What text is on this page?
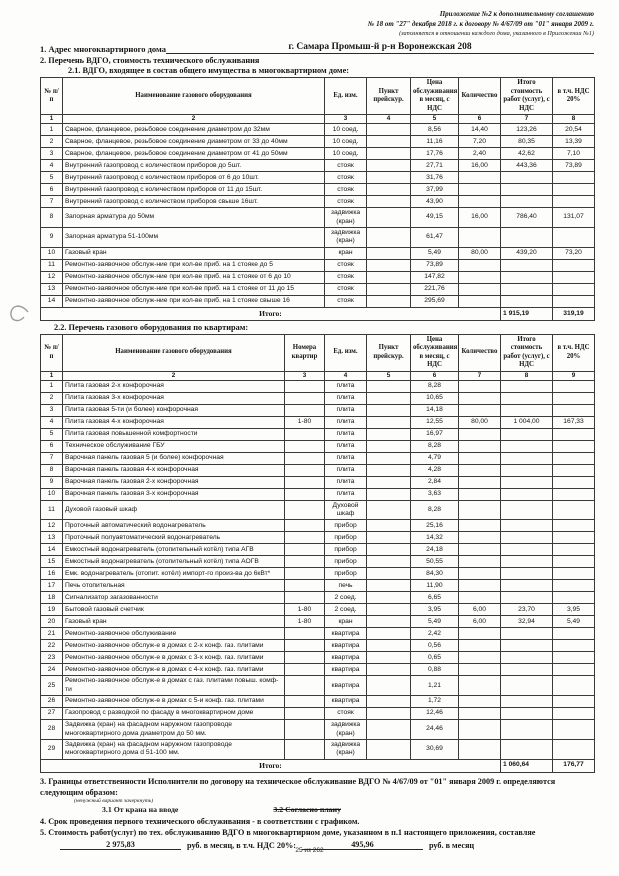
Приложение №2 к дополнительному соглашению
№ 18 от "27" декабря 2018 г. к договору № 4/67/09 от "01" января 2009 г.
(заполняется в отношении каждого дома, указанного в Приложении №1)
1. Адрес многоквартирного дома	г. Самара Промыш-й р-н Воронежская 208
2. Перечень ВДГО, стоимость технического обслуживания
2.1. ВДГО, входящее в состав общего имущества в многоквартирном доме:
№ п/п	Наименование газового оборудования	Ед. изм.	Пункт прейскур.	Цена обслуживания в месяц, с НДС	Количество	Итого стоимость работ (услуг), с НДС	в т.ч. НДС 20%
1	2	3	4	5	6	7	8
1	Сварное, фланцевое, резьбовое соединение диаметром до 32мм	10 соед.		8,56	14,40	123,26	20,54
2	Сварное, фланцевое, резьбовое соединение диаметром от 33 до 40мм	10 соед.		11,16	7,20	80,35	13,39
3	Сварное, фланцевое, резьбовое соединение диаметром от 41 до 50мм	10 соед.		17,76	2,40	42,62	7,10
4	Внутренний газопровод с количеством приборов до 5шт.	стояк		27,71	16,00	443,36	73,89
5	Внутренний газопровод с количеством приборов от 6 до 10шт.	стояк		31,76			
6	Внутренний газопровод с количеством приборов от 11 до 15шт.	стояк		37,99			
7	Внутренний газопровод с количеством приборов свыше 16шт.	стояк		43,90			
8	Запорная арматура до 50мм	задвижка (кран)		49,15	16,00	786,40	131,07
9	Запорная арматура 51-100мм	задвижка (кран)		61,47			
10	Газовый кран	кран		5,49	80,00	439,20	73,20
11	Ремонтно-заявочное обслуж-ние при кол-ве приб. на 1 стояке до 5	стояк		73,89			
12	Ремонтно-заявочное обслуж-ние при кол-ве приб. на 1 стояке от 6 до 10	стояк		147,82			
13	Ремонтно-заявочное обслуж-ние при кол-ве приб. на 1 стояке от 11 до 15	стояк		221,76			
14	Ремонтно-заявочное обслуж-ние при кол-ве приб. на 1 стояке свыше 16	стояк		295,69			
Итого:						1 915,19	319,19
2.2. Перечень газового оборудования по квартирам:
№ п/п	Наименование газового оборудования	Номера квартир	Ед. изм.	Пункт прейскур.	Цена обслуживания в месяц, с НДС	Количество	Итого стоимость работ (услуг), с НДС	в т.ч. НДС 20%
1	2	3	4	5	6	7	8	9
1	Плита газовая 2-х конфорочная		плита		8,28			
2	Плита газовая 3-х конфорочная		плита		10,65			
3	Плита газовая 5-ти (и более) конфорочная		плита		14,18			
4	Плита газовая 4-х конфорочная	1-80	плита		12,55	80,00	1 004,00	167,33
5	Плита газовая повышенной комфортности		плита		16,97			
6	Техническое обслуживание ГБУ		плита		8,28			
7	Варочная панель газовая 5 (и более) конфорочная		плита		4,79			
8	Варочная панель газовая 4-х конфорочная		плита		4,28			
9	Варочная панель газовая 2-х конфорочная		плита		2,84			
10	Варочная панель газовая 3-х конфорочная		плита		3,63			
11	Духовой газовый шкаф		Духовой шкаф		8,28			
12	Проточный автоматический водонагреватель		прибор		25,16			
13	Проточный полуавтоматический водонагреватель		прибор		14,32			
14	Емкостный водонагреватель (отопительный котёл) типа АГВ		прибор		24,18			
15	Емкостный водонагреватель (отопительный котёл) типа АОГВ		прибор		50,55			
16	Емк. водонагреватель (отопит. котёл) импорт-го произ-ва до 6кВт*		прибор		84,30			
17	Печь отопительная		печь		11,90			
18	Сигнализатор загазованности		2 соед.		6,65			
19	Бытовой газовый счетчик	1-80	2 соед.		3,95	6,00	23,70	3,95
20	Газовый кран	1-80	кран		5,49	6,00	32,94	5,49
21	Ремонтно-заявочное обслуживание		квартира		2,42			
22	Ремонтно-заявочное обслуж-е в домах с 2-х конф. газ. плитами		квартира		0,56			
23	Ремонтно-заявочное обслуж-е в домах с 3-х конф. газ. плитами		квартира		0,65			
24	Ремонтно-заявочное обслуж-е в домах с 4-х конф. газ. плитами		квартира		0,88			
25	Ремонтно-заявочное обслуж-е в домах с газ. плитами повыш. комф-ти		квартира		1,21			
26	Ремонтно-заявочное обслуж-е в домах с 5-и конф. газ. плитами		квартира		1,72			
27	Газопровод с разводкой по фасаду в многоквартирном доме		стояк		12,46			
28	Задвижка (кран) на фасадном наружном газопроводе многоквартирного дома диаметром до 50 мм.		задвижка (кран)		24,46			
29	Задвижка (кран) на фасадном наружном газопроводе многоквартирного дома d 51-100 мм.		задвижка (кран)		30,69			
Итого:							1 060,64	176,77
3. Границы ответственности Исполнители по договору на техническое обслуживание ВДГО № 4/67/09 от "01" января 2009 г. определяются следующим образом:
(ненужный вариант зачеркнуть)
3.1 От крана на вводе	3.2 Согласно плану
4. Срок проведения первого технического обслуживания - в соответствии с графиком.
5. Стоимость работ(услуг) по тех. обслуживанию ВДГО в многоквартирном доме, указанном в п.1 настоящего приложения, составляе
2 975,83	руб. в месяц, в т.ч. НДС 20%:	495,96	руб. в месяц
25 из 262
